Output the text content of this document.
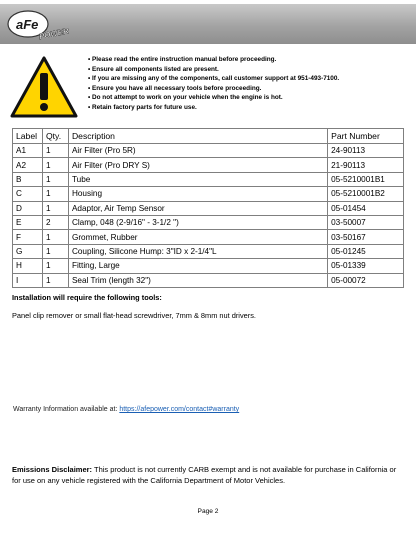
aFe
POWER
• Please read the entire instruction manual before proceeding.
• Ensure all components listed are present.
• If you are missing any of the components, call customer support at 951-493-7100.
• Ensure you have all necessary tools before proceeding.
• Do not attempt to work on your vehicle when the engine is hot.
• Retain factory parts for future use.
Label	Qty.	Description	Part Number
A1	1	Air Filter (Pro 5R)	24-90113
A2	1	Air Filter (Pro DRY S)	21-90113
B	1	Tube	05-5210001B1
C	1	Housing	05-5210001B2
D	1	Adaptor, Air Temp Sensor	05-01454
E	2	Clamp, 048 (2-9/16" - 3-1/2 ")	03-50007
F	1	Grommet, Rubber	03-50167
G	1	Coupling, Silicone Hump: 3"ID x 2-1/4"L	05-01245
H	1	Fitting, Large	05-01339
I	1	Seal Trim (length 32")	05-00072
Installation will require the following tools:
Panel clip remover or small flat-head screwdriver, 7mm & 8mm nut drivers.
Warranty Information available at: https://afepower.com/contact#warranty
Emissions Disclaimer: This product is not currently CARB exempt and is not available for purchase in California or for use on any vehicle registered with the California Department of Motor Vehicles.
Page 2
